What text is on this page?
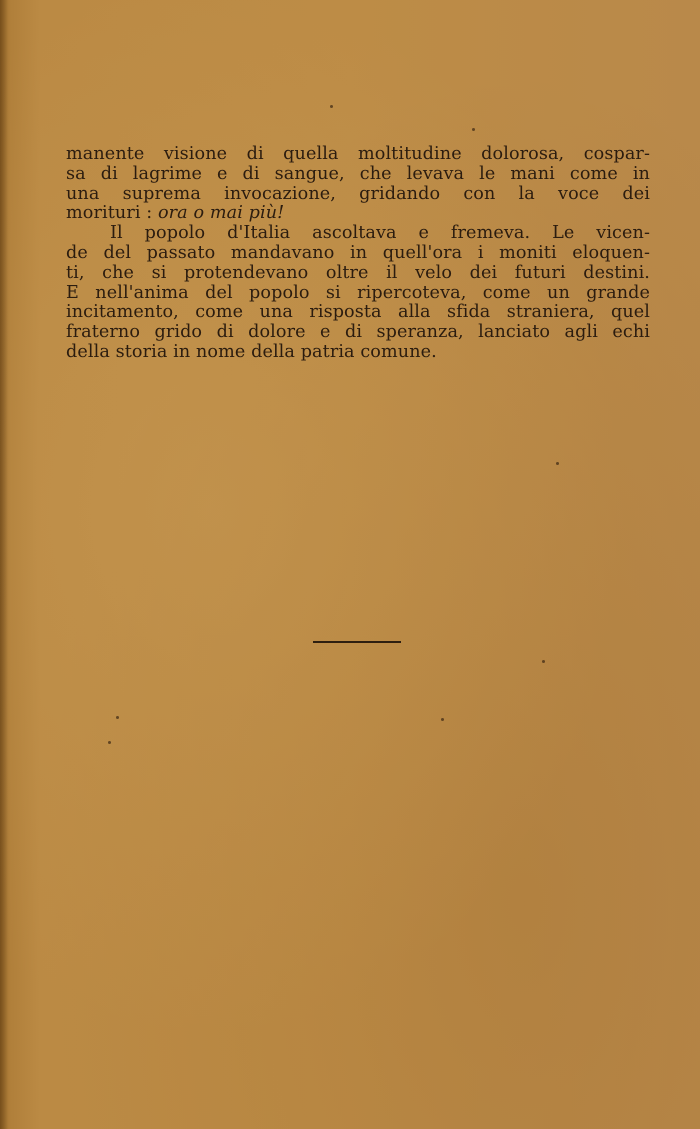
manente visione di quella moltitudine dolorosa, cospar-
sa di lagrime e di sangue, che levava le mani come in
una suprema invocazione, gridando con la voce dei
morituri : ora o mai più!
Il popolo d'Italia ascoltava e fremeva. Le vicen-
de del passato mandavano in quell'ora i moniti eloquen-
ti, che si protendevano oltre il velo dei futuri destini.
E nell'anima del popolo si ripercoteva, come un grande
incitamento, come una risposta alla sfida straniera, quel
fraterno grido di dolore e di speranza, lanciato agli echi
della storia in nome della patria comune.
